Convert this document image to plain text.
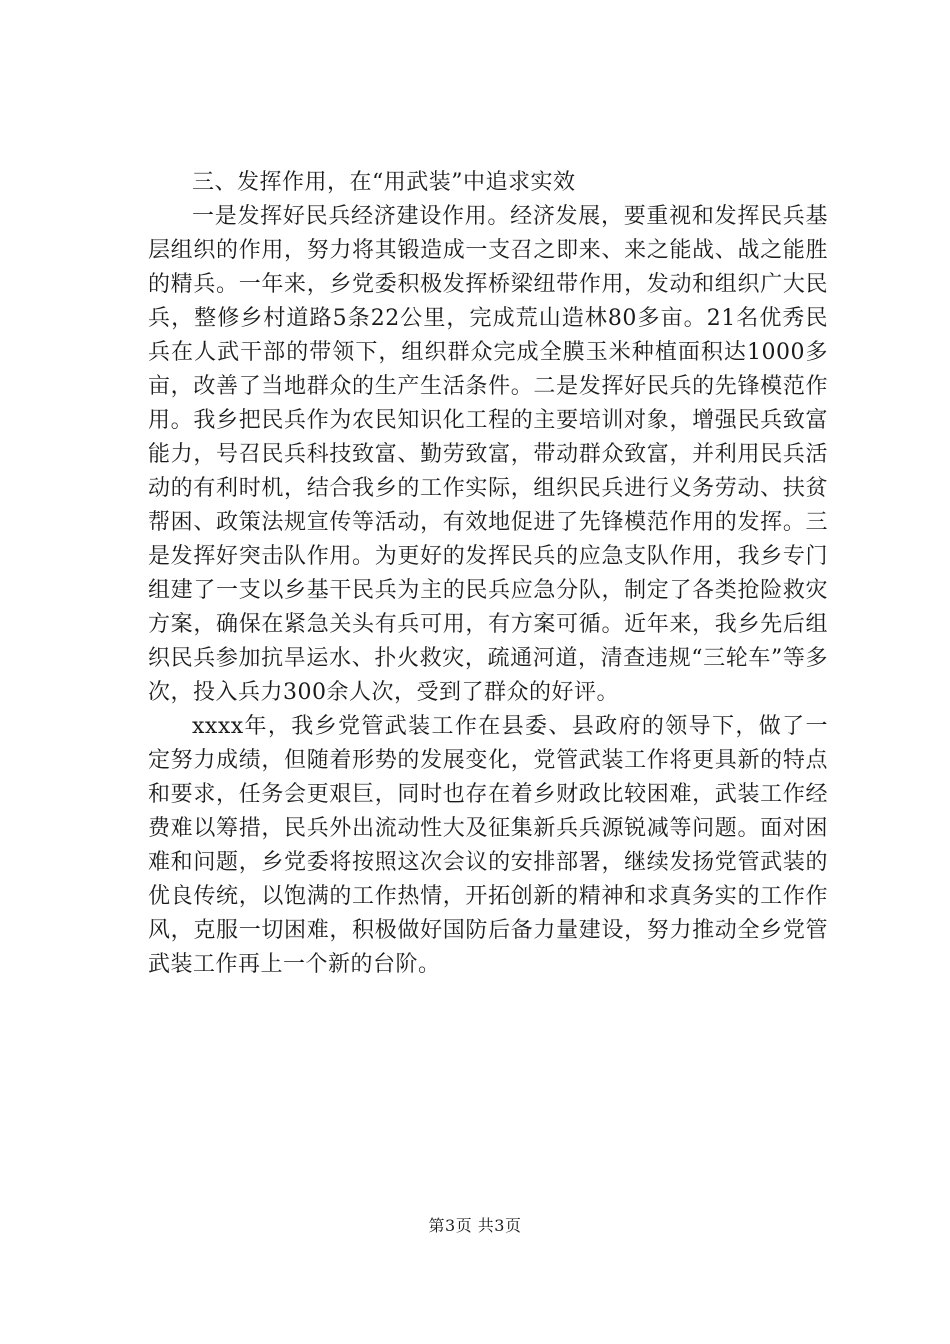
三、发挥作用，在“用武装”中追求实效

一是发挥好民兵经济建设作用。经济发展，要重视和发挥民兵基层组织的作用，努力将其锻造成一支召之即来、来之能战、战之能胜的精兵。一年来，乡党委积极发挥桥梁纽带作用，发动和组织广大民兵，整修乡村道路5条22公里，完成荒山造林80多亩。21名优秀民兵在人武干部的带领下，组织群众完成全膜玉米种植面积达1000多亩，改善了当地群众的生产生活条件。二是发挥好民兵的先锋模范作用。我乡把民兵作为农民知识化工程的主要培训对象，增强民兵致富能力，号召民兵科技致富、勤劳致富，带动群众致富，并利用民兵活动的有利时机，结合我乡的工作实际，组织民兵进行义务劳动、扶贫帮困、政策法规宣传等活动，有效地促进了先锋模范作用的发挥。三是发挥好突击队作用。为更好的发挥民兵的应急支队作用，我乡专门组建了一支以乡基干民兵为主的民兵应急分队，制定了各类抢险救灾方案，确保在紧急关头有兵可用，有方案可循。近年来，我乡先后组织民兵参加抗旱运水、扑火救灾，疏通河道，清查违规“三轮车”等多次，投入兵力300余人次，受到了群众的好评。

xxxx年，我乡党管武装工作在县委、县政府的领导下，做了一定努力成绩，但随着形势的发展变化，党管武装工作将更具新的特点和要求，任务会更艰巨，同时也存在着乡财政比较困难，武装工作经费难以筹措，民兵外出流动性大及征集新兵兵源锐减等问题。面对困难和问题，乡党委将按照这次会议的安排部署，继续发扬党管武装的优良传统，以饱满的工作热情，开拓创新的精神和求真务实的工作作风，克服一切困难，积极做好国防后备力量建设，努力推动全乡党管武装工作再上一个新的台阶。

第3页 共3页
